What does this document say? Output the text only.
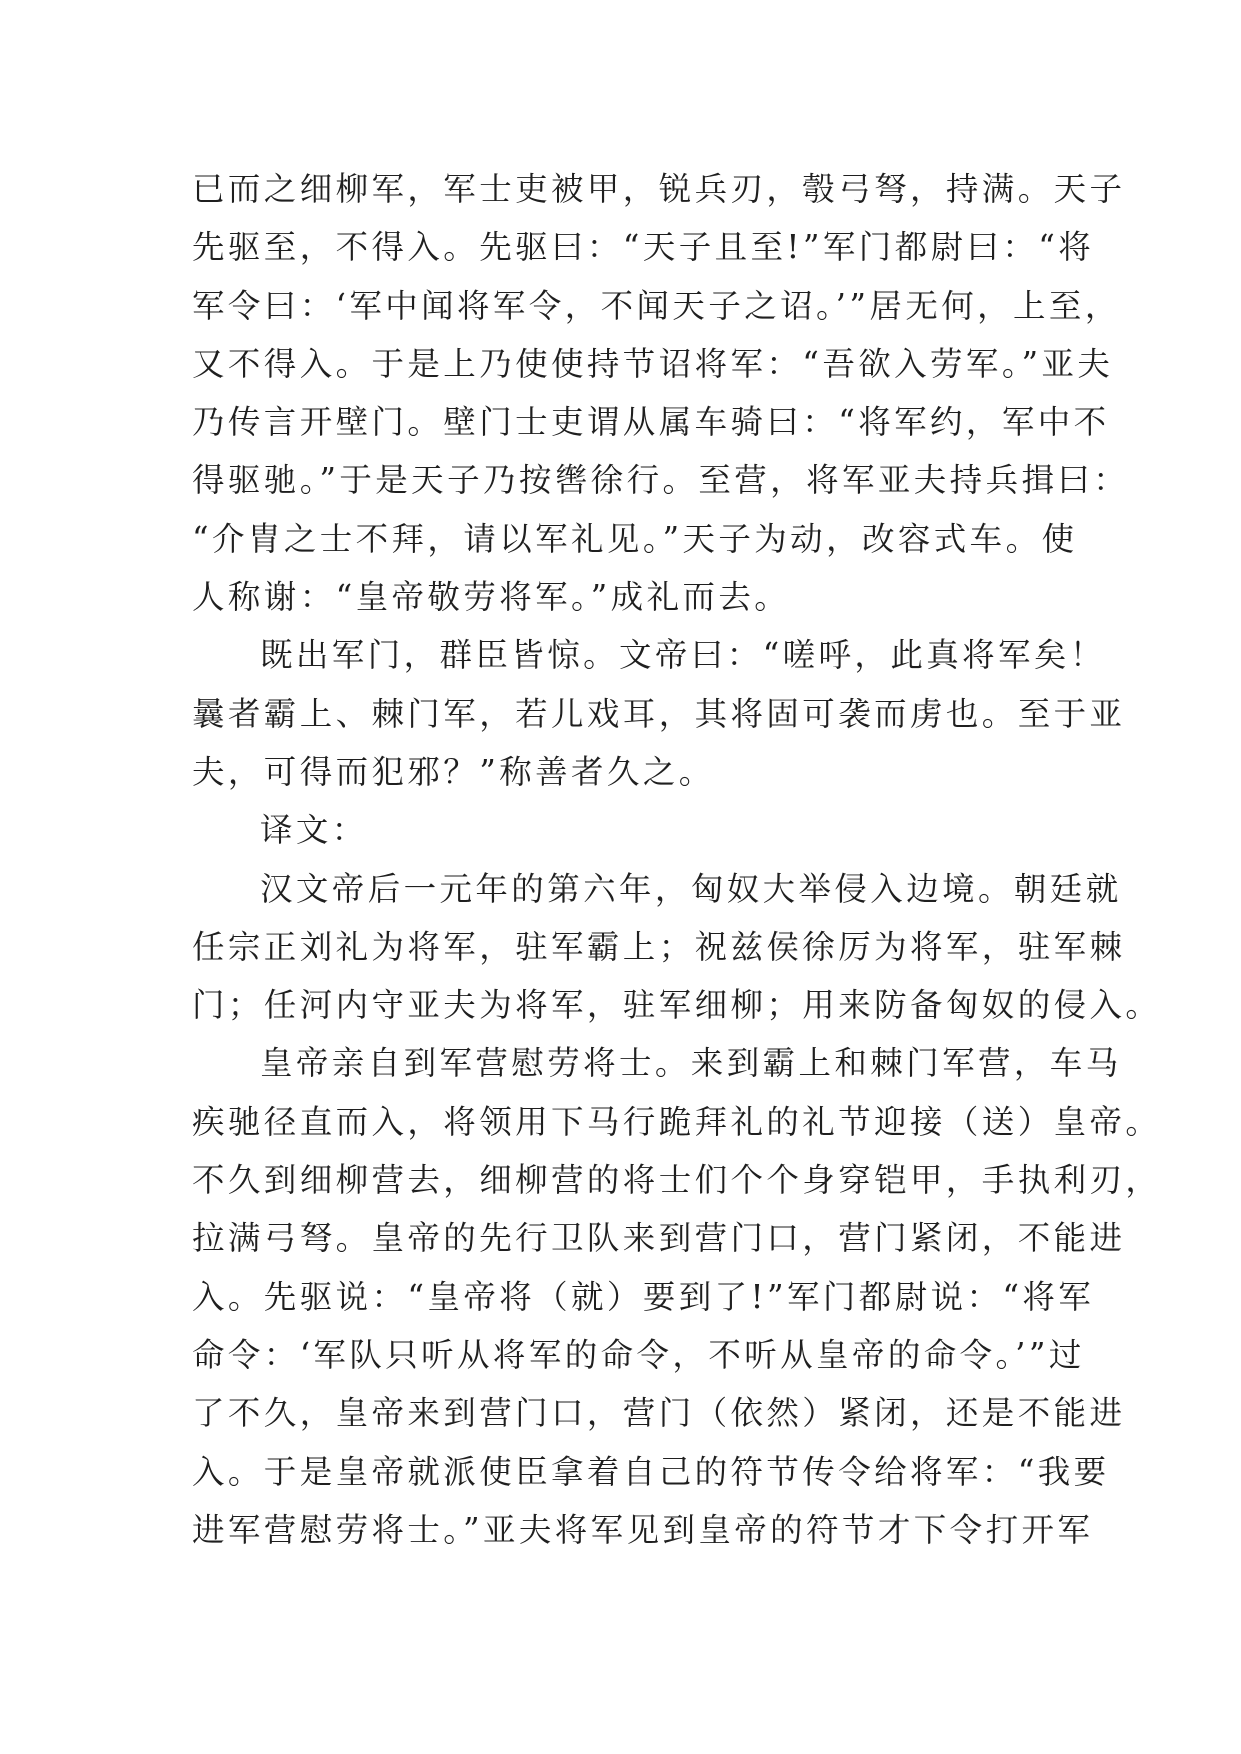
已而之细柳军，军士吏被甲，锐兵刃，彀弓弩，持满。天子
先驱至，不得入。先驱曰：“天子且至!”军门都尉曰：“将
军令曰：‘军中闻将军令，不闻天子之诏。’”居无何，上至，
又不得入。于是上乃使使持节诏将军：“吾欲入劳军。”亚夫
乃传言开壁门。壁门士吏谓从属车骑曰：“将军约，军中不
得驱驰。”于是天子乃按辔徐行。至营，将军亚夫持兵揖曰：
“介胄之士不拜，请以军礼见。”天子为动，改容式车。使
人称谢：“皇帝敬劳将军。”成礼而去。
既出军门，群臣皆惊。文帝曰：“嗟呼，此真将军矣！
曩者霸上、棘门军，若儿戏耳，其将固可袭而虏也。至于亚
夫，可得而犯邪？”称善者久之。
译文：
汉文帝后一元年的第六年，匈奴大举侵入边境。朝廷就
任宗正刘礼为将军，驻军霸上；祝兹侯徐厉为将军，驻军棘
门；任河内守亚夫为将军，驻军细柳；用来防备匈奴的侵入。
皇帝亲自到军营慰劳将士。来到霸上和棘门军营，车马
疾驰径直而入，将领用下马行跪拜礼的礼节迎接（送）皇帝。
不久到细柳营去，细柳营的将士们个个身穿铠甲，手执利刃，
拉满弓弩。皇帝的先行卫队来到营门口，营门紧闭，不能进
入。先驱说：“皇帝将（就）要到了!”军门都尉说：“将军
命令：‘军队只听从将军的命令，不听从皇帝的命令。’”过
了不久，皇帝来到营门口，营门（依然）紧闭，还是不能进
入。于是皇帝就派使臣拿着自己的符节传令给将军：“我要
进军营慰劳将士。”亚夫将军见到皇帝的符节才下令打开军
